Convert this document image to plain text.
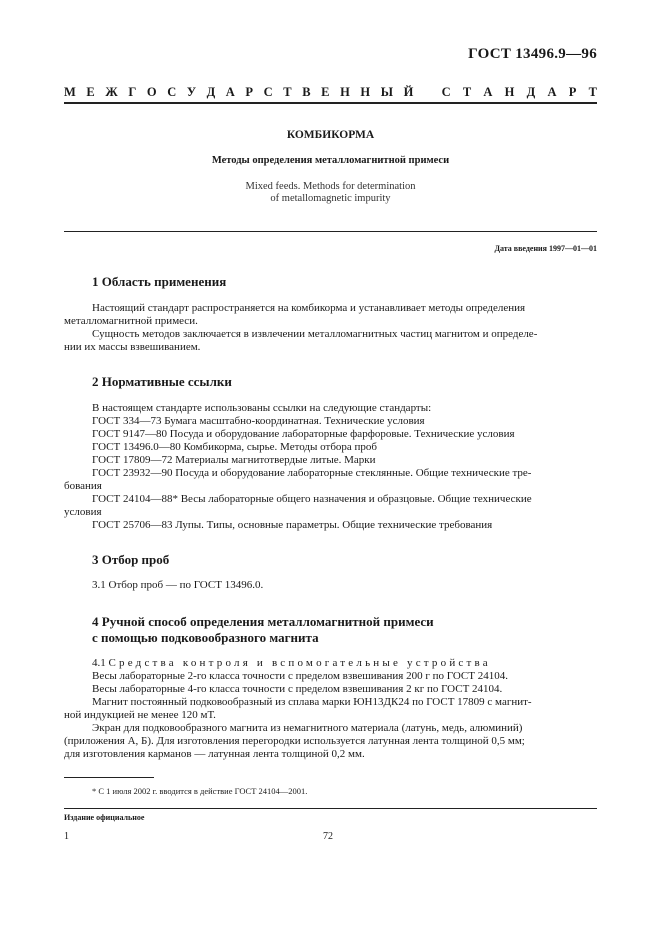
ГОСТ 13496.9—96
М Е Ж Г О С У Д А Р С Т В Е Н Н Ы Й С Т А Н Д А Р Т
КОМБИКОРМА
Методы определения металломагнитной примеси
Mixed feeds. Methods for determination
of metallomagnetic impurity
Дата введения 1997—01—01
1 Область применения

Настоящий стандарт распространяется на комбикорма и устанавливает методы определения

металломагнитной примеси.

Сущность методов заключается в извлечении металломагнитных частиц магнитом и определе-

нии их массы взвешиванием.

2 Нормативные ссылки

В настоящем стандарте использованы ссылки на следующие стандарты:

ГОСТ 334—73 Бумага масштабно-координатная. Технические условия

ГОСТ 9147—80 Посуда и оборудование лабораторные фарфоровые. Технические условия

ГОСТ 13496.0—80 Комбикорма, сырье. Методы отбора проб

ГОСТ 17809—72 Материалы магнитотвердые литые. Марки

ГОСТ 23932—90 Посуда и оборудование лабораторные стеклянные. Общие технические тре-

бования

ГОСТ 24104—88* Весы лабораторные общего назначения и образцовые. Общие технические

условия

ГОСТ 25706—83 Лупы. Типы, основные параметры. Общие технические требования

3 Отбор проб

3.1 Отбор проб — по ГОСТ 13496.0.

4 Ручной способ определения металломагнитной примеси
с помощью подковообразного магнита

4.1 Средства контроля и вспомогательные устройства

Весы лабораторные 2-го класса точности с пределом взвешивания 200 г по ГОСТ 24104.

Весы лабораторные 4-го класса точности с пределом взвешивания 2 кг по ГОСТ 24104.

Магнит постоянный подковообразный из сплава марки ЮН13ДК24 по ГОСТ 17809 с магнит-

ной индукцией не менее 120 мТ.

Экран для подковообразного магнита из немагнитного материала (латунь, медь, алюминий)

(приложения А, Б). Для изготовления перегородки используется латунная лента толщиной 0,5 мм;

для изготовления карманов — латунная лента толщиной 0,2 мм.

* С 1 июля 2002 г. вводится в действие ГОСТ 24104—2001.
Издание официальное
1	72
